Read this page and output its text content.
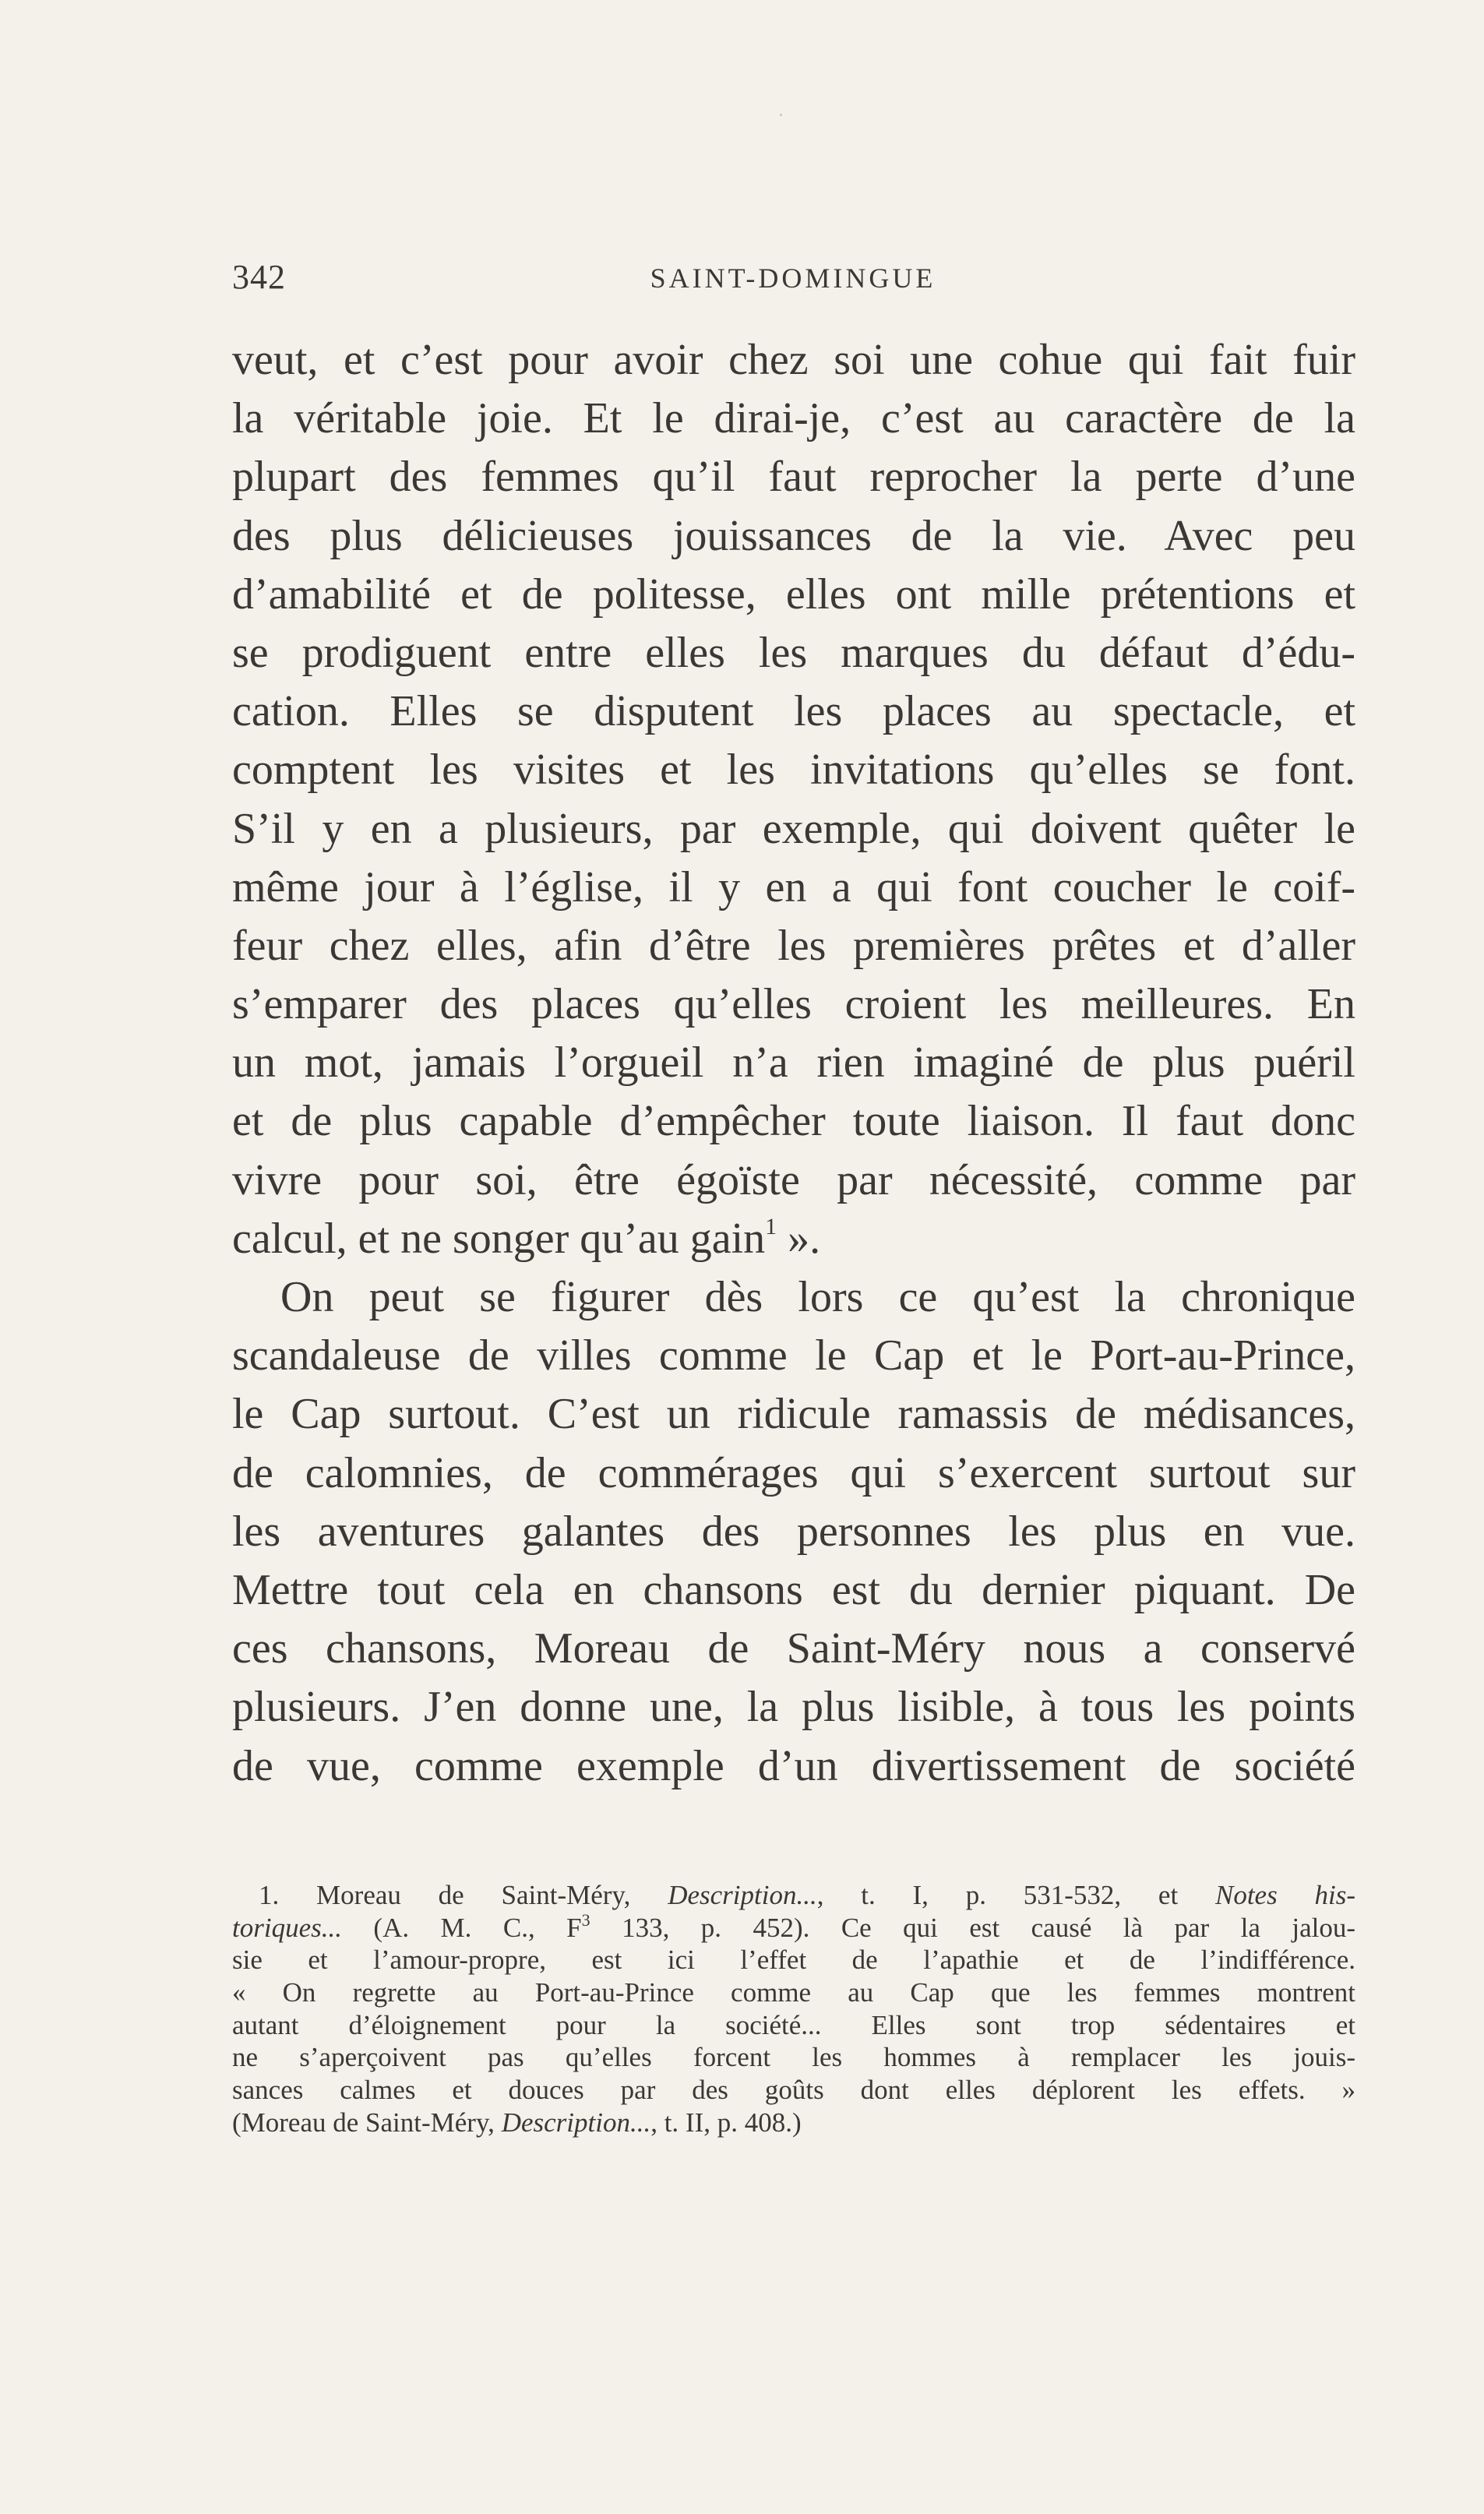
342	SAINT-DOMINGUE
veut, et c’est pour avoir chez soi une cohue qui fait fuir
la véritable joie. Et le dirai-je, c’est au caractère de la
plupart des femmes qu’il faut reprocher la perte d’une
des plus délicieuses jouissances de la vie. Avec peu
d’amabilité et de politesse, elles ont mille prétentions et
se prodiguent entre elles les marques du défaut d’édu-
cation. Elles se disputent les places au spectacle, et
comptent les visites et les invitations qu’elles se font.
S’il y en a plusieurs, par exemple, qui doivent quêter le
même jour à l’église, il y en a qui font coucher le coif-
feur chez elles, afin d’être les premières prêtes et d’aller
s’emparer des places qu’elles croient les meilleures. En
un mot, jamais l’orgueil n’a rien imaginé de plus puéril
et de plus capable d’empêcher toute liaison. Il faut donc
vivre pour soi, être égoïste par nécessité, comme par
calcul, et ne songer qu’au gain$^1$ ».
On peut se figurer dès lors ce qu’est la chronique
scandaleuse de villes comme le Cap et le Port-au-Prince,
le Cap surtout. C’est un ridicule ramassis de médisances,
de calomnies, de commérages qui s’exercent surtout sur
les aventures galantes des personnes les plus en vue.
Mettre tout cela en chansons est du dernier piquant. De
ces chansons, Moreau de Saint-Méry nous a conservé
plusieurs. J’en donne une, la plus lisible, à tous les points
de vue, comme exemple d’un divertissement de société
1. Moreau de Saint-Méry, Description..., t. I, p. 531-532, et Notes his-
toriques... (A. M. C., $F^3$ 133, p. 452). Ce qui est causé là par la jalou-
sie et l’amour-propre, est ici l’effet de l’apathie et de l’indifférence.
« On regrette au Port-au-Prince comme au Cap que les femmes montrent
autant d’éloignement pour la société... Elles sont trop sédentaires et
ne s’aperçoivent pas qu’elles forcent les hommes à remplacer les jouis-
sances calmes et douces par des goûts dont elles déplorent les effets. »
(Moreau de Saint-Méry, Description..., t. II, p. 408.)
